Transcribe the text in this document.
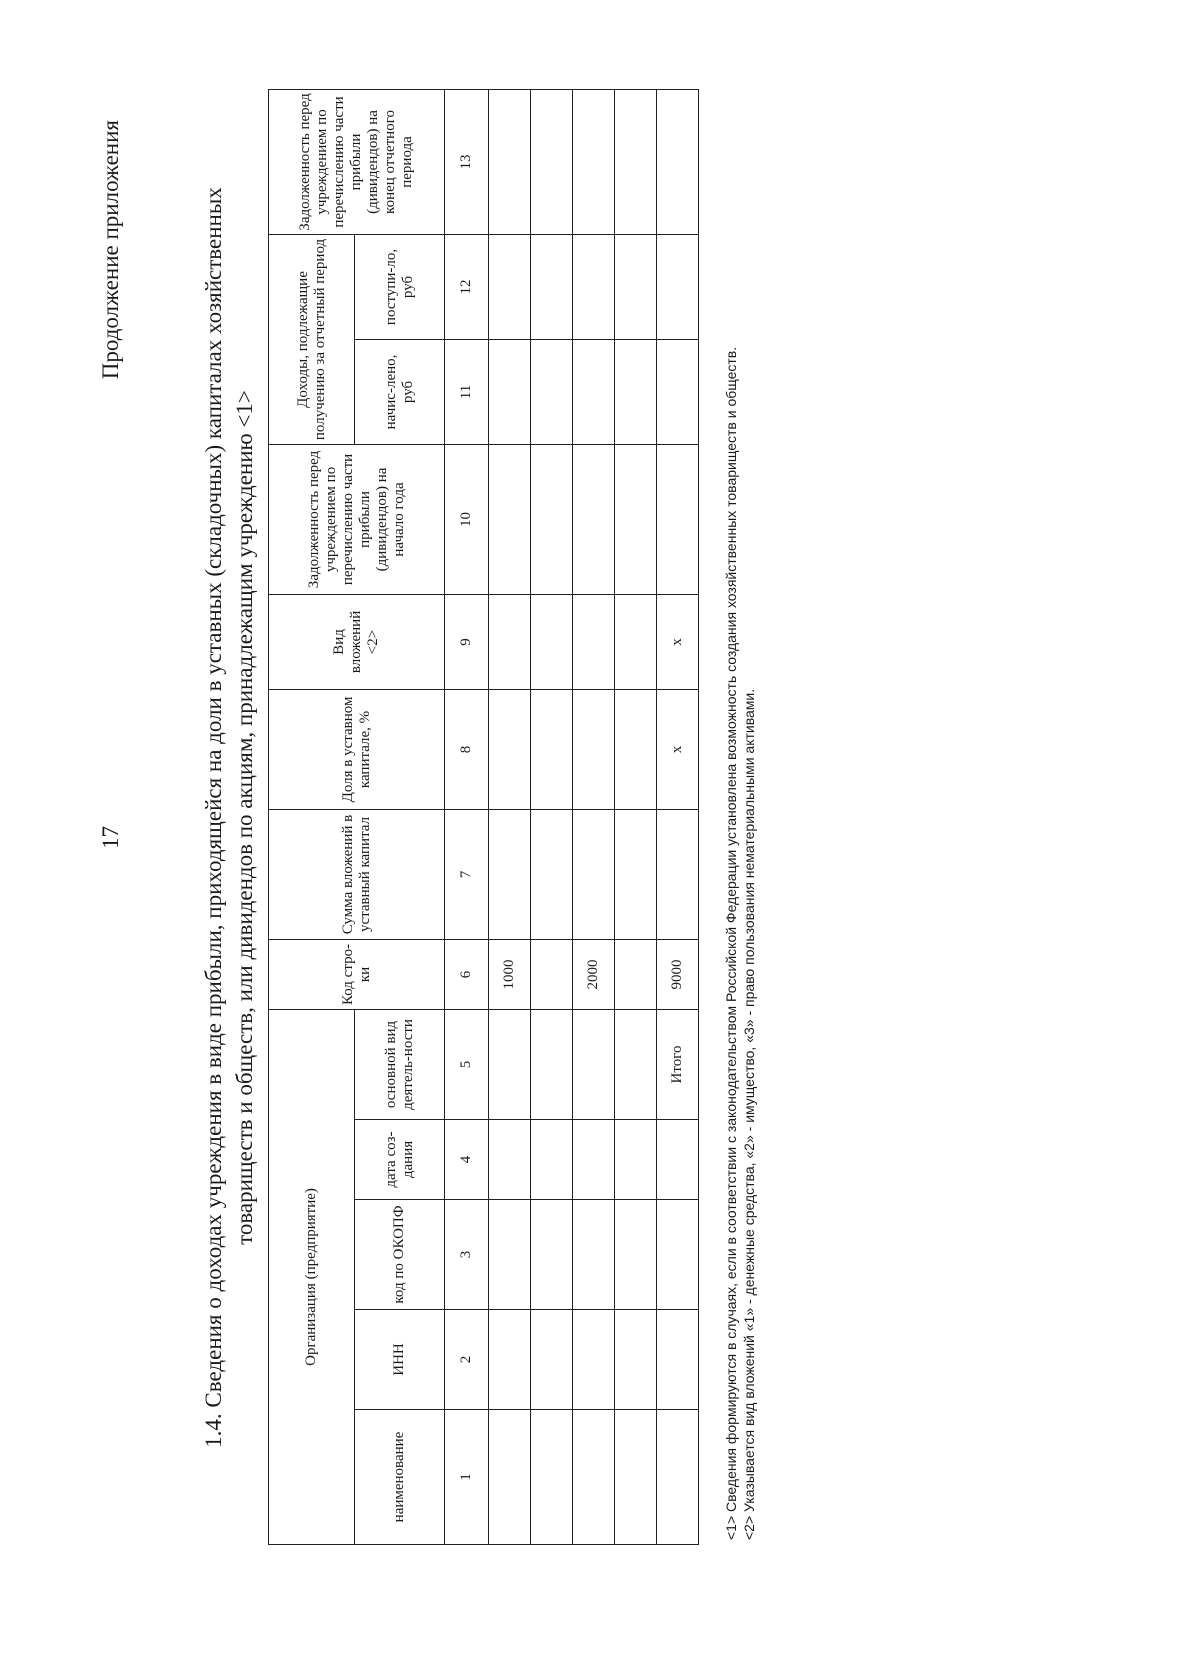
17
Продолжение приложения	1.4. Сведения о доходах учреждения в виде прибыли, приходящейся на доли в уставных (складочных) капиталах хозяйственных товариществ и обществ, или дивидендов по акциям, принадлежащим учреждению <1>
Организация (предприятие)					Код стро-ки	Сумма вложений в уставный капитал	Доля в уставном капитале, %	Вид вложений <2>	Задолженность перед учреждением по перечислению части прибыли (дивидендов) на начало года	Доходы, подлежащие получению за отчетный период		Задолженность перед учреждением по перечислению части прибыли (дивидендов) на конец отчетного периода
наименование	ИНН	код по ОКОПФ	дата соз-дания	основной вид деятель-ности						начис-лено, руб	поступи-ло, руб	
1	2	3	4	5	6	7	8	9	10	11	12	13
					1000							

					2000							

				Итого	9000		х	х					<1> Сведения формируются в случаях, если в соответствии с законодательством Российской Федерации установлена возможность создания хозяйственных товариществ и обществ. <2> Указывается вид вложений «1» - денежные средства, «2» - имущество, «3» - право пользования нематериальными активами.
